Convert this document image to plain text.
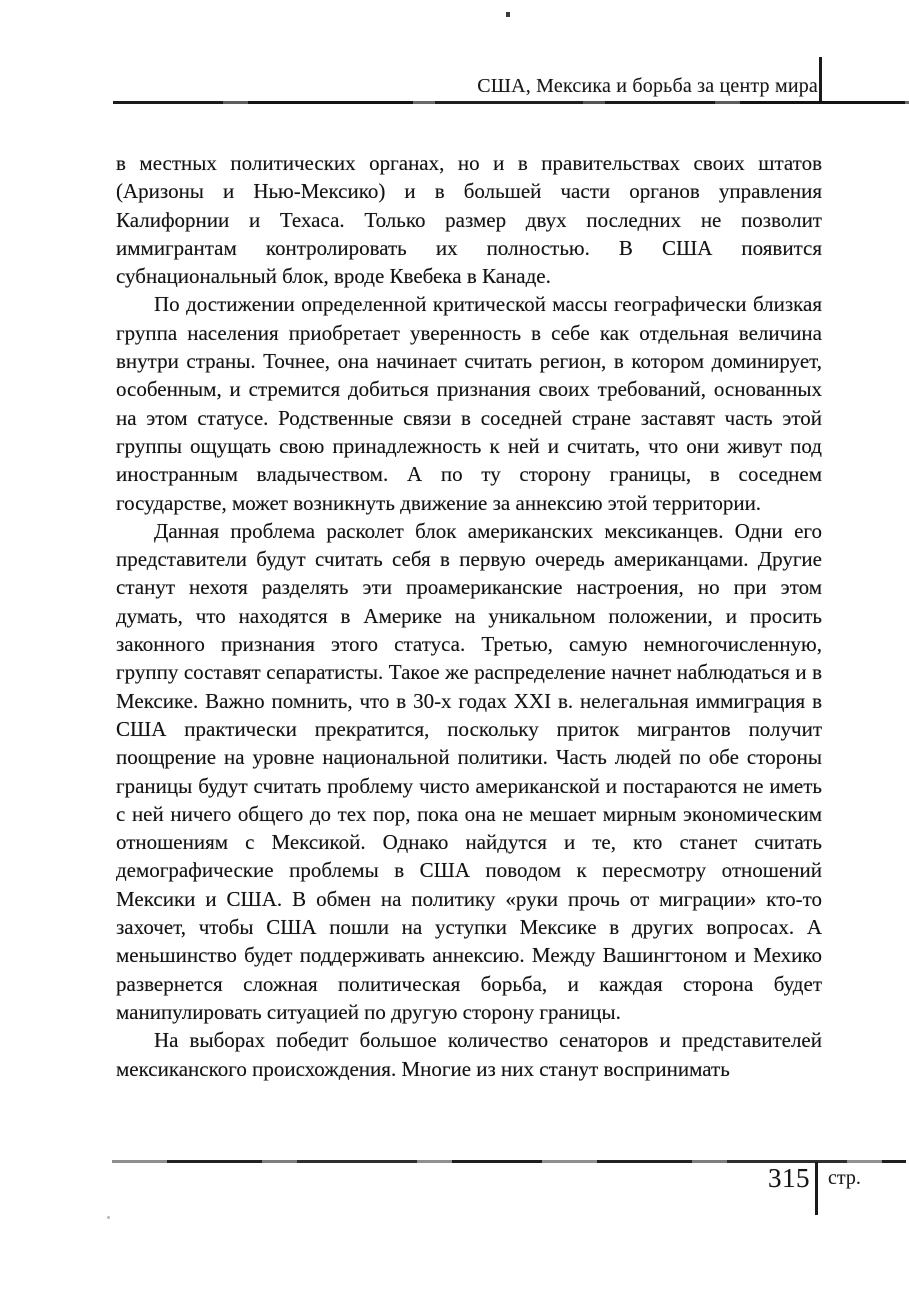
США, Мексика и борьба за центр мира

в местных политических органах, но и в правительствах своих штатов (Аризоны и Нью-Мексико) и в большей части органов управления Калифорнии и Техаса. Только размер двух последних не позволит иммигрантам контролировать их полностью. В США появится субнациональный блок, вроде Квебека в Канаде.

По достижении определенной критической массы географически близкая группа населения приобретает уверенность в себе как отдельная величина внутри страны. Точнее, она начинает считать регион, в котором доминирует, особенным, и стремится добиться признания своих требований, основанных на этом статусе. Родственные связи в соседней стране заставят часть этой группы ощущать свою принадлежность к ней и считать, что они живут под иностранным владычеством. А по ту сторону границы, в соседнем государстве, может возникнуть движение за аннексию этой территории.

Данная проблема расколет блок американских мексиканцев. Одни его представители будут считать себя в первую очередь американцами. Другие станут нехотя разделять эти проамериканские настроения, но при этом думать, что находятся в Америке на уникальном положении, и просить законного признания этого статуса. Третью, самую немногочисленную, группу составят сепаратисты. Такое же распределение начнет наблюдаться и в Мексике. Важно помнить, что в 30-х годах XXI в. нелегальная иммиграция в США практически прекратится, поскольку приток мигрантов получит поощрение на уровне национальной политики. Часть людей по обе стороны границы будут считать проблему чисто американской и постараются не иметь с ней ничего общего до тех пор, пока она не мешает мирным экономическим отношениям с Мексикой. Однако найдутся и те, кто станет считать демографические проблемы в США поводом к пересмотру отношений Мексики и США. В обмен на политику «руки прочь от миграции» кто-то захочет, чтобы США пошли на уступки Мексике в других вопросах. А меньшинство будет поддерживать аннексию. Между Вашингтоном и Мехико развернется сложная политическая борьба, и каждая сторона будет манипулировать ситуацией по другую сторону границы.

На выборах победит большое количество сенаторов и представителей мексиканского происхождения. Многие из них станут воспринимать

315 стр.
